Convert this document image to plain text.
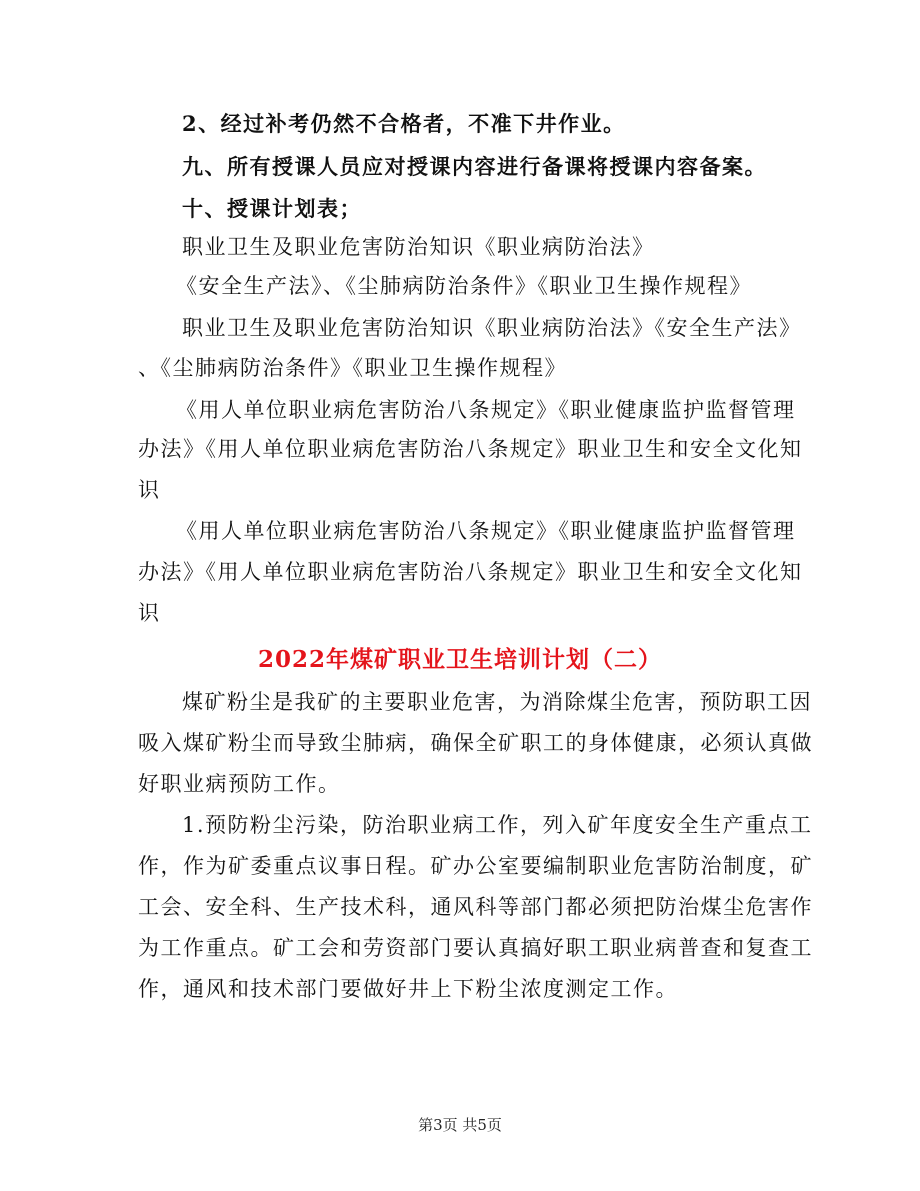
2、经过补考仍然不合格者，不准下井作业。
九、所有授课人员应对授课内容进行备课将授课内容备案。
十、授课计划表；
职业卫生及职业危害防治知识《职业病防治法》
《安全生产法》、《尘肺病防治条件》《职业卫生操作规程》
职业卫生及职业危害防治知识《职业病防治法》《安全生产法》
、《尘肺病防治条件》《职业卫生操作规程》
《用人单位职业病危害防治八条规定》《职业健康监护监督管理
办法》《用人单位职业病危害防治八条规定》职业卫生和安全文化知
识
《用人单位职业病危害防治八条规定》《职业健康监护监督管理
办法》《用人单位职业病危害防治八条规定》职业卫生和安全文化知
识
2022年煤矿职业卫生培训计划（二）
煤矿粉尘是我矿的主要职业危害，为消除煤尘危害，预防职工因
吸入煤矿粉尘而导致尘肺病，确保全矿职工的身体健康，必须认真做
好职业病预防工作。
1.预防粉尘污染，防治职业病工作，列入矿年度安全生产重点工
作，作为矿委重点议事日程。矿办公室要编制职业危害防治制度，矿
工会、安全科、生产技术科，通风科等部门都必须把防治煤尘危害作
为工作重点。矿工会和劳资部门要认真搞好职工职业病普查和复查工
作，通风和技术部门要做好井上下粉尘浓度测定工作。
第3页 共5页
